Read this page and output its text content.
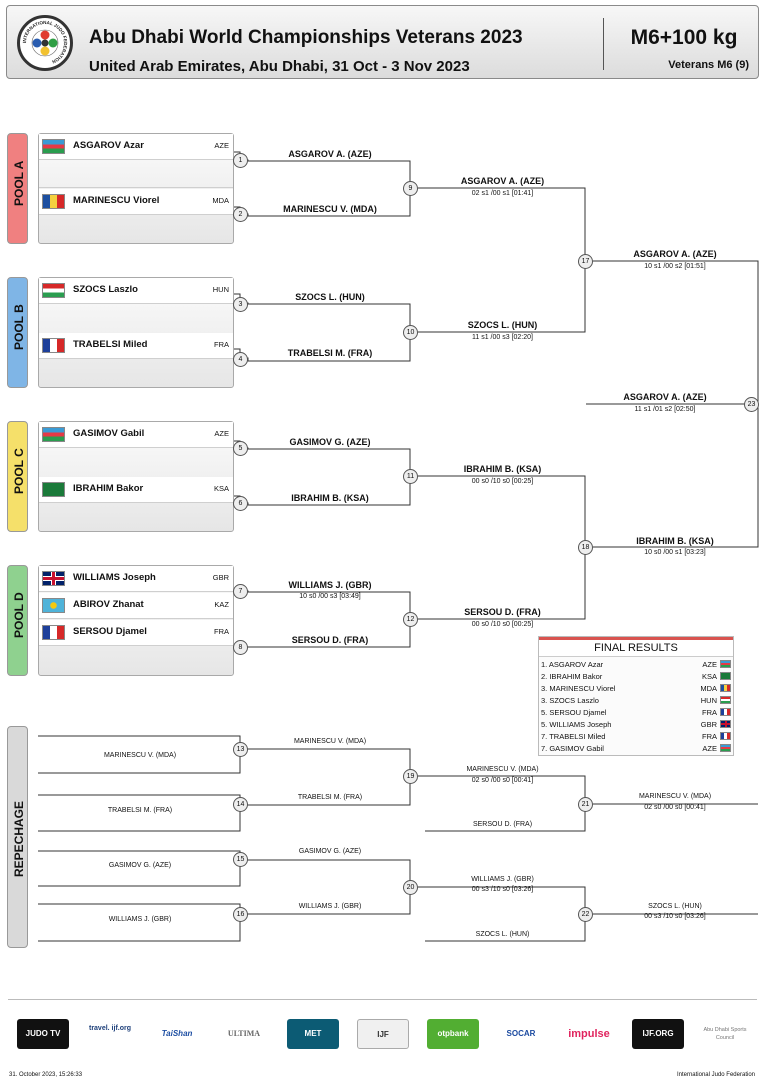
INTERNATIONAL JUDO FEDERATION
Abu Dhabi World Championships Veterans 2023
United Arab Emirates, Abu Dhabi, 31 Oct - 3 Nov 2023
M6+100 kg
Veterans M6 (9)
POOL A
ASGAROV Azar	AZE
MARINESCU Viorel	MDA
POOL B
SZOCS Laszlo	HUN
TRABELSI Miled	FRA
POOL C
GASIMOV Gabil	AZE
IBRAHIM Bakor	KSA
POOL D
WILLIAMS Joseph	GBR
ABIROV Zhanat	KAZ
SERSOU Djamel	FRA
REPECHAGE
1
2
3
4
5
6
7
8
9
10
11
12
13
14
15
16
17
18
19
20
21
22
23
ASGAROV A. (AZE)
MARINESCU V. (MDA)
SZOCS L. (HUN)
TRABELSI M. (FRA)
GASIMOV G. (AZE)
IBRAHIM B. (KSA)
WILLIAMS J. (GBR)
10 s0 /00 s3 [03:49]
SERSOU D. (FRA)
ASGAROV A. (AZE)
02 s1 /00 s1 [01:41]
SZOCS L. (HUN)
11 s1 /00 s3 [02:20]
IBRAHIM B. (KSA)
00 s0 /10 s0 [00:25]
SERSOU D. (FRA)
00 s0 /10 s0 [00:25]
ASGAROV A. (AZE)
10 s1 /00 s2 [01:51]
IBRAHIM B. (KSA)
10 s0 /00 s1 [03:23]
ASGAROV A. (AZE)
11 s1 /01 s2 [02:50]
MARINESCU V. (MDA)
MARINESCU V. (MDA)
TRABELSI M. (FRA)
TRABELSI M. (FRA)
GASIMOV G. (AZE)
GASIMOV G. (AZE)
WILLIAMS J. (GBR)
WILLIAMS J. (GBR)
MARINESCU V. (MDA)
02 s0 /00 s0 [00:41]
SERSOU D. (FRA)
MARINESCU V. (MDA)
02 s0 /00 s0 [00:41]
WILLIAMS J. (GBR)
00 s3 /10 s0 [03:26]
SZOCS L. (HUN)
SZOCS L. (HUN)
00 s3 /10 s0 [03:26]
FINAL RESULTS
1. ASGAROV Azar	AZE
2. IBRAHIM Bakor	KSA
3. MARINESCU Viorel	MDA
3. SZOCS Laszlo	HUN
5. SERSOU Djamel	FRA
5. WILLIAMS Joseph	GBR
7. TRABELSI Miled	FRA
7. GASIMOV Gabil	AZE
JUDO TV
travel. ijf.org
TaiShan	ULTIMA	MET	IJF	otpbank	SOCAR	impulse	IJF.ORG	Abu Dhabi Sports Council
31. October 2023, 15:26:33	International Judo Federation
